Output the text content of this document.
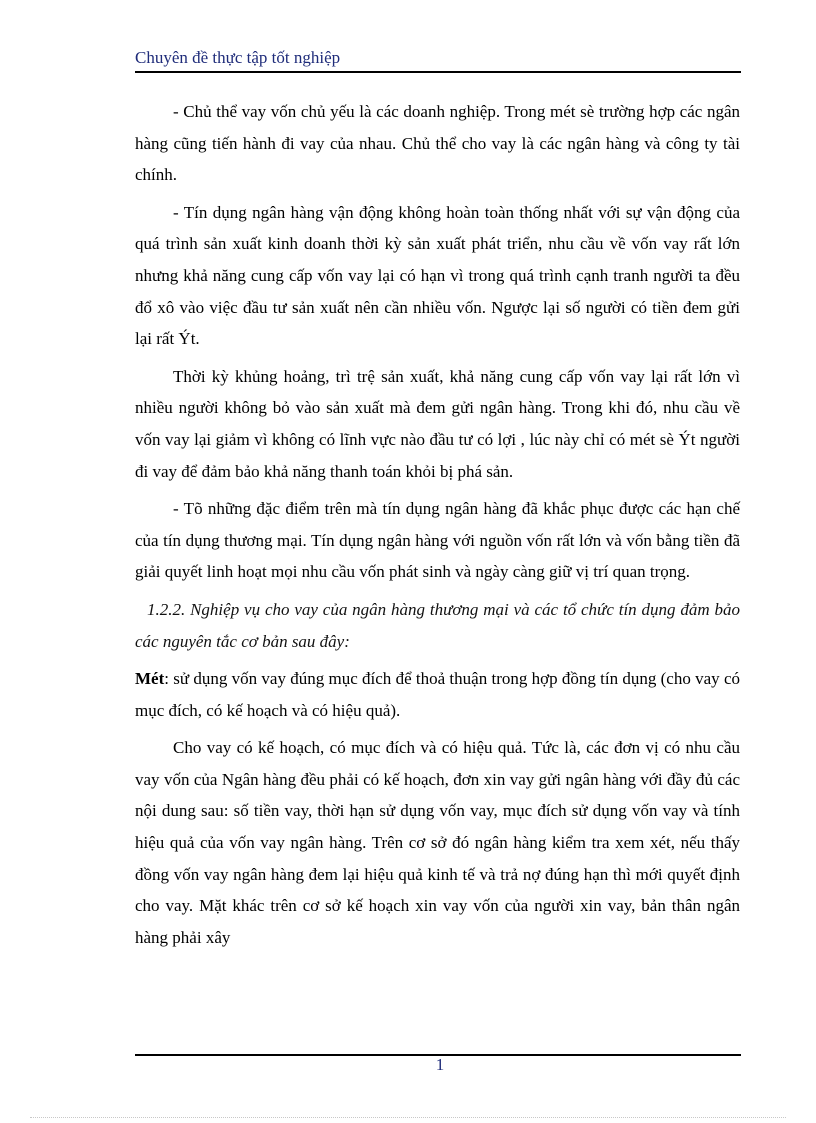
Chuyên đề thực tập tốt nghiệp

- Chủ thể vay vốn chủ yếu là các doanh nghiệp. Trong mét sè trường hợp các ngân hàng cũng tiến hành đi vay của nhau. Chủ thể cho vay là các ngân hàng và công ty tài chính.

- Tín dụng ngân hàng vận động không hoàn toàn thống nhất với sự vận động của quá trình sản xuất kinh doanh thời kỳ sản xuất phát triển, nhu cầu về vốn vay rất lớn nhưng khả năng cung cấp vốn vay lại có hạn vì trong quá trình cạnh tranh người ta đều đổ xô vào việc đầu tư sản xuất nên cần nhiều vốn. Ngược lại số người có tiền đem gửi lại rất Ýt.

Thời kỳ khủng hoảng, trì trệ sản xuất, khả năng cung cấp vốn vay lại rất lớn vì nhiều người không bỏ vào sản xuất mà đem gửi ngân hàng. Trong khi đó, nhu cầu về vốn vay lại giảm vì không có lĩnh vực nào đầu tư có lợi , lúc này chỉ có mét sè Ýt người đi vay để đảm bảo khả năng thanh toán khỏi bị phá sản.

- Tõ những đặc điểm trên mà tín dụng ngân hàng đã khắc phục được các hạn chế của tín dụng thương mại. Tín dụng ngân hàng với nguồn vốn rất lớn và vốn bằng tiền đã giải quyết linh hoạt mọi nhu cầu vốn phát sinh và ngày càng giữ vị trí quan trọng.

1.2.2. Nghiệp vụ cho vay của ngân hàng thương mại và các tổ chức tín dụng đảm bảo các nguyên tắc cơ bản sau đây:

Mét: sử dụng vốn vay đúng mục đích để thoả thuận trong hợp đồng tín dụng (cho vay có mục đích, có kế hoạch và có hiệu quả).

Cho vay có kế hoạch, có mục đích và có hiệu quả. Tức là, các đơn vị có nhu cầu vay vốn của Ngân hàng đều phải có kế hoạch, đơn xin vay gửi ngân hàng với đầy đủ các nội dung sau: số tiền vay, thời hạn sử dụng vốn vay, mục đích sử dụng vốn vay và tính hiệu quả của vốn vay ngân hàng. Trên cơ sở đó ngân hàng kiểm tra xem xét, nếu thấy đồng vốn vay ngân hàng đem lại hiệu quả kinh tế và trả nợ đúng hạn thì mới quyết định cho vay. Mặt khác trên cơ sở kế hoạch xin vay vốn của người xin vay, bản thân ngân hàng phải xây

1
